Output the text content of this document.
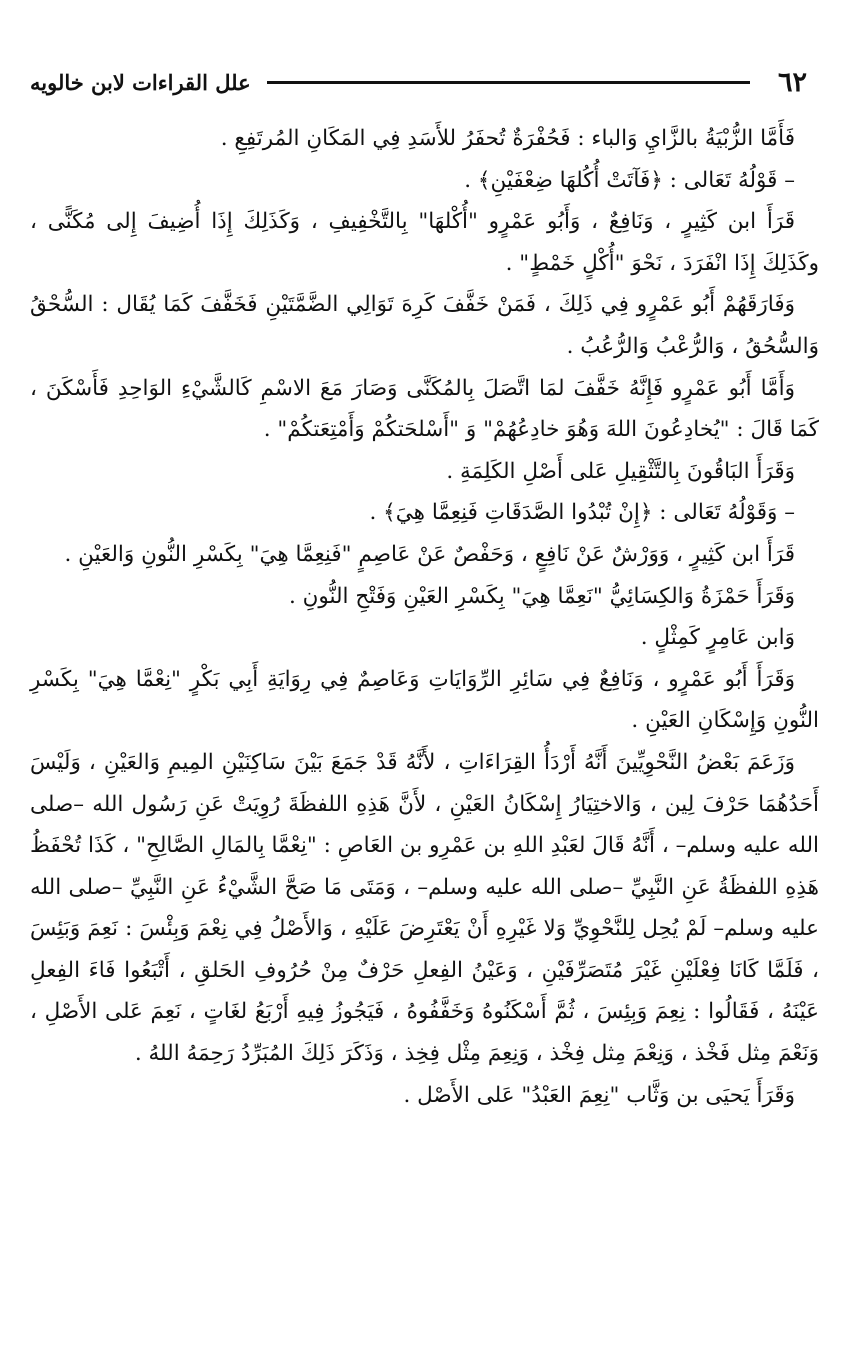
٦٢
علل القراءات لابن خالويه

فَأَمَّا الزُّبْيَةُ بالزَّايِ وَالباء : فَحُفْرَةٌ تُحفَرُ للأَسَدِ فِي المَكَانِ المُرتَفِعِ .

– قَوْلُهُ تَعَالى : ﴿فَآتَتْ أُكُلهَا ضِعْفَيْنِ﴾ .

قَرَأَ ابن كَثِيرٍ ، وَنَافِعٌ ، وَأَبُو عَمْرٍو "أُكْلهَا" بِالتَّخْفِيفِ ، وَكَذَلِكَ إِذَا أُضِيفَ إِلى مُكَنًّى ، وكَذَلِكَ إِذَا انْفَرَدَ ، نَحْوَ "أُكْلٍ خَمْطٍ" .

وَفَارَقَهُمْ أَبُو عَمْرٍو فِي ذَلِكَ ، فَمَنْ خَفَّفَ كَرِهَ تَوَالِي الضَّمَّتَيْنِ فَخَفَّفَ كَمَا يُقَال : السُّحْقُ وَالسُّحُقُ ، وَالرُّعْبُ وَالرُّعُبُ .

وَأَمَّا أَبُو عَمْرٍو فَإِنَّهُ خَفَّفَ لمَا اتَّصَلَ بِالمُكَنَّى وَصَارَ مَعَ الاسْمِ كَالشَّيْءِ الوَاحِدِ فَأَسْكَنَ ، كَمَا قَالَ : "يُخادِعُونَ اللهَ وَهُوَ خادِعُهُمْ" وَ "أَسْلحَتكُمْ وَأَمْتِعَتكُمْ" .

وَقَرَأَ البَاقُونَ بِالتَّثْقِيلِ عَلى أَصْلِ الكَلِمَةِ .

– وَقَوْلُهُ تَعَالى : ﴿إِنْ تُبْدُوا الصَّدَقَاتِ فَنِعِمَّا هِيَ﴾ .

قَرَأَ ابن كَثِيرٍ ، وَوَرْشٌ عَنْ نَافِعٍ ، وَحَفْصٌ عَنْ عَاصِمٍ "فَنِعِمَّا هِيَ" بِكَسْرِ النُّونِ وَالعَيْنِ .

وَقَرَأَ حَمْزَةُ وَالكِسَائِيُّ "نَعِمَّا هِيَ" بِكَسْرِ العَيْنِ وَفَتْحِ النُّونِ .

وَابن عَامِرٍ كَمِثْلٍ .

وَقَرَأَ أَبُو عَمْرٍو ، وَنَافِعٌ فِي سَائِرِ الرِّوَايَاتِ وَعَاصِمٌ فِي رِوَايَةِ أَبِي بَكْرٍ "نِعْمَّا هِيَ" بِكَسْرِ النُّونِ وَإِسْكَانِ العَيْنِ .

وَزَعَمَ بَعْضُ النَّحْوِيِّينَ أَنَّهُ أَرْدَأُ القِرَاءَاتِ ، لأَنَّهُ قَدْ جَمَعَ بَيْنَ سَاكِنَيْنِ المِيمِ وَالعَيْنِ ، وَلَيْسَ أَحَدُهُمَا حَرْفَ لِين ، وَالاختِيَارُ إِسْكَانُ العَيْنِ ، لأَنَّ هَذِهِ اللفظَةَ رُوِيَتْ عَنِ رَسُول الله –صلى الله عليه وسلم– ، أَنَّهُ قَالَ لعَبْدِ اللهِ بن عَمْرِو بن العَاصِ : "نِعْمَّا بِالمَالِ الصَّالِحِ" ، كَذَا تُحْفَظُ هَذِهِ اللفظَةُ عَنِ النَّبِيِّ –صلى الله عليه وسلم– ، وَمَتَى مَا صَحَّ الشَّيْءُ عَنِ النَّبِيِّ –صلى الله عليه وسلم– لَمْ يُحِل لِلنَّحْوِيِّ وَلا غَيْرِهِ أَنْ يَعْتَرِضَ عَلَيْهِ ، وَالأَصْلُ فِي نِعْمَ وَبِئْسَ : نَعِمَ وَبَئِسَ ، فَلَمَّا كَانَا فِعْلَيْنِ غَيْرَ مُتَصَرِّفَيْنِ ، وَعَيْنُ الفِعلِ حَرْفٌ مِنْ حُرُوفِ الحَلقِ ، أَتْبَعُوا فَاءَ الفِعلِ عَيْنَهُ ، فَقَالُوا : نِعِمَ وَبِئِسَ ، ثُمَّ أَسْكَنُوهُ وَخَفَّفُوهُ ، فَيَجُوزُ فِيهِ أَرْبَعُ لغَاتٍ ، نَعِمَ عَلى الأَصْلِ ، وَنَعْمَ مِثل فَخْذ ، وَنِعْمَ مِثل فِخْذ ، وَنِعِمَ مِثْل فِخِذ ، وَذَكَرَ ذَلِكَ المُبَرِّدُ رَحِمَهُ اللهُ .

وَقَرَأَ يَحيَى بن وَثَّاب "نِعِمَ العَبْدُ" عَلى الأَصْل .
